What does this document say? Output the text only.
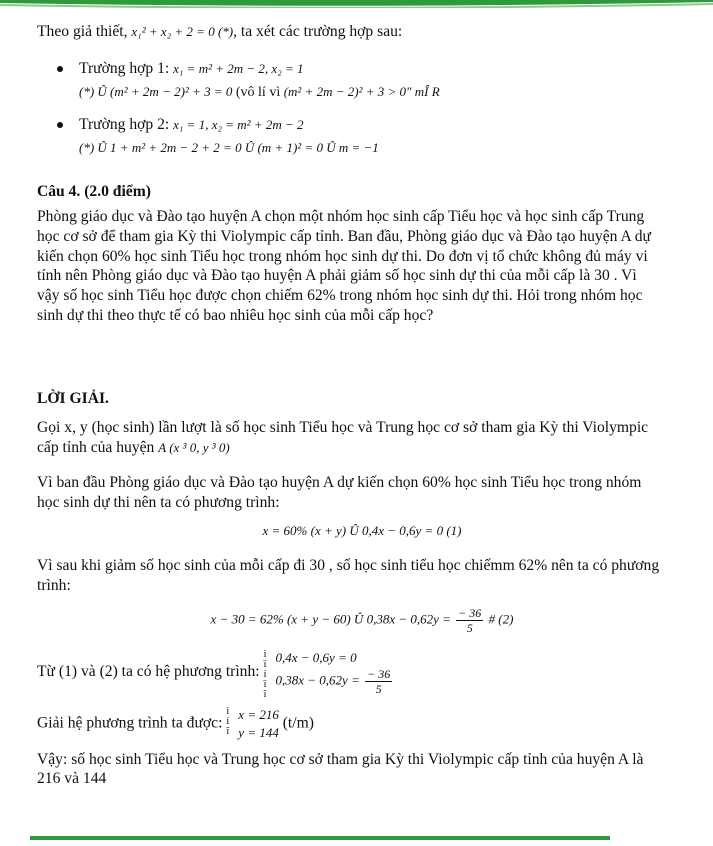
Theo giả thiết, x₁² + x₂ + 2 = 0 (*), ta xét các trường hợp sau:
Trường hợp 1: x₁ = m² + 2m − 2, x₂ = 1
(*) Û (m² + 2m − 2)² + 3 = 0 (vô lí vì (m² + 2m − 2)² + 3 > 0" mÎ R
Trường hợp 2: x₁ = 1, x₂ = m² + 2m − 2
(*) Û 1 + m² + 2m − 2 + 2 = 0 Û (m + 1)² = 0 Û m = −1
Câu 4. (2.0 điểm)
Phòng giáo dục và Đào tạo huyện A chọn một nhóm học sinh cấp Tiểu học và học sinh cấp Trung
học cơ sở để tham gia Kỳ thi Violympic cấp tỉnh. Ban đầu, Phòng giáo dục và Đào tạo huyện A dự
kiến chọn 60% học sinh Tiểu học trong nhóm học sinh dự thi. Do đơn vị tổ chức không đủ máy vi
tính nên Phòng giáo dục và Đào tạo huyện A phải giảm số học sinh dự thi của mỗi cấp là 30 . Vì
vậy số học sinh Tiểu học được chọn chiếm 62% trong nhóm học sinh dự thi. Hỏi trong nhóm học
sinh dự thi theo thực tế có bao nhiêu học sinh của mỗi cấp học?
LỜI GIẢI.
Gọi x, y (học sinh) lần lượt là số học sinh Tiểu học và Trung học cơ sở tham gia Kỳ thi Violympic
cấp tỉnh của huyện A (x ³ 0, y ³ 0)
Vì ban đầu Phòng giáo dục và Đào tạo huyện A dự kiến chọn 60% học sinh Tiểu học trong nhóm
học sinh dự thi nên ta có phương trình:
x = 60% (x + y) Û 0,4x − 0,6y = 0 (1)
Vì sau khi giảm số học sinh của mỗi cấp đi 30 , số học sinh tiểu học chiếmm 62% nên ta có phương
trình:
x − 30 = 62% (x + y − 60) Û $0,38x - 0,62y = \frac{- 36}{5}$ # (2)
Từ (1) và (2) ta có hệ phương trình:
ì
ï
í
ï
î
0,4x − 0,6y = 0
$0,38x - 0,62y = \frac{- 36}{5}$
Giải hệ phương trình ta được:
ì
í
î
x = 216
y = 144
(t/m)
Vậy: số học sinh Tiểu học và Trung học cơ sở tham gia Kỳ thi Violympic cấp tỉnh của huyện A là
216 và 144
